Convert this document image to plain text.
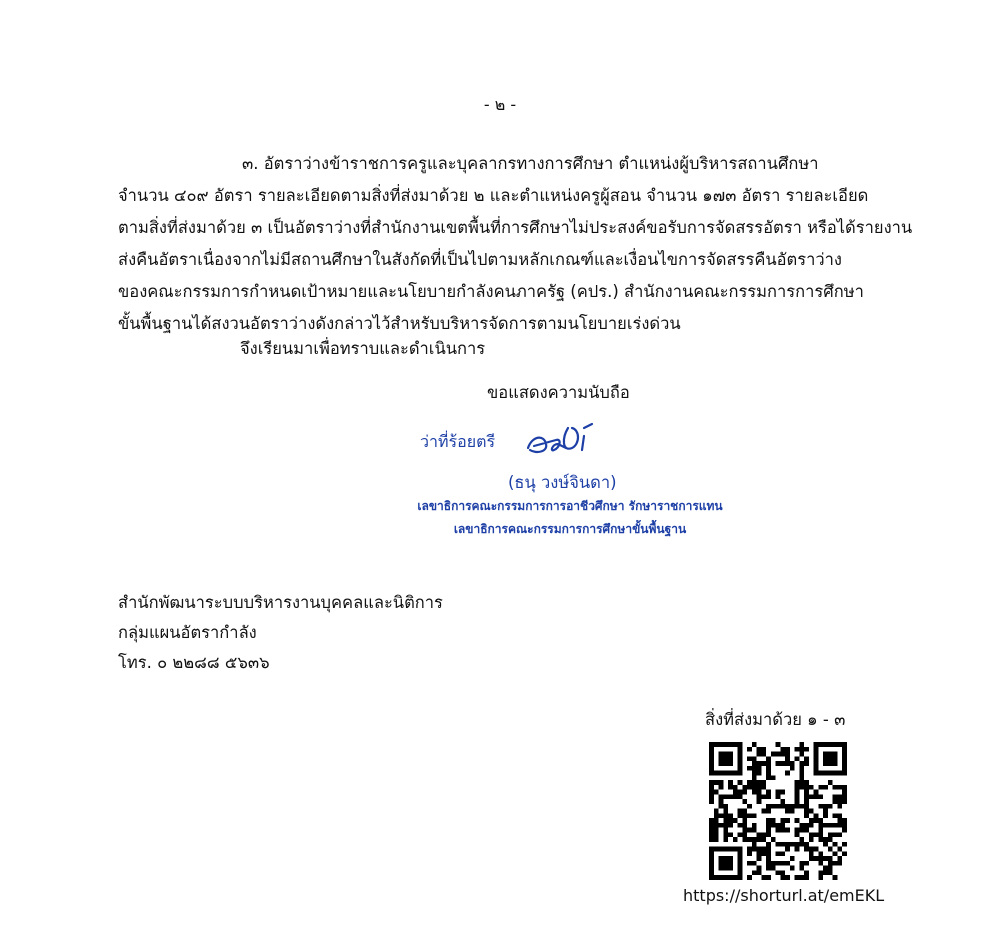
- ๒ -
๓. อัตราว่างข้าราชการครูและบุคลากรทางการศึกษา ตำแหน่งผู้บริหารสถานศึกษา
จำนวน ๔๐๙ อัตรา รายละเอียดตามสิ่งที่ส่งมาด้วย ๒ และตำแหน่งครูผู้สอน จำนวน ๑๗๓ อัตรา รายละเอียด
ตามสิ่งที่ส่งมาด้วย ๓ เป็นอัตราว่างที่สำนักงานเขตพื้นที่การศึกษาไม่ประสงค์ขอรับการจัดสรรอัตรา หรือได้รายงาน
ส่งคืนอัตราเนื่องจากไม่มีสถานศึกษาในสังกัดที่เป็นไปตามหลักเกณฑ์และเงื่อนไขการจัดสรรคืนอัตราว่าง
ของคณะกรรมการกำหนดเป้าหมายและนโยบายกำลังคนภาครัฐ (คปร.) สำนักงานคณะกรรมการการศึกษา
ขั้นพื้นฐานได้สงวนอัตราว่างดังกล่าวไว้สำหรับบริหารจัดการตามนโยบายเร่งด่วน
จึงเรียนมาเพื่อทราบและดำเนินการ
ขอแสดงความนับถือ
ว่าที่ร้อยตรี
(ธนุ วงษ์จินดา)
เลขาธิการคณะกรรมการการอาชีวศึกษา รักษาราชการแทน
เลขาธิการคณะกรรมการการศึกษาขั้นพื้นฐาน
สำนักพัฒนาระบบบริหารงานบุคคลและนิติการ
กลุ่มแผนอัตรากำลัง
โทร. ๐ ๒๒๘๘ ๕๖๓๖
สิ่งที่ส่งมาด้วย ๑ - ๓
https://shorturl.at/emEKL
